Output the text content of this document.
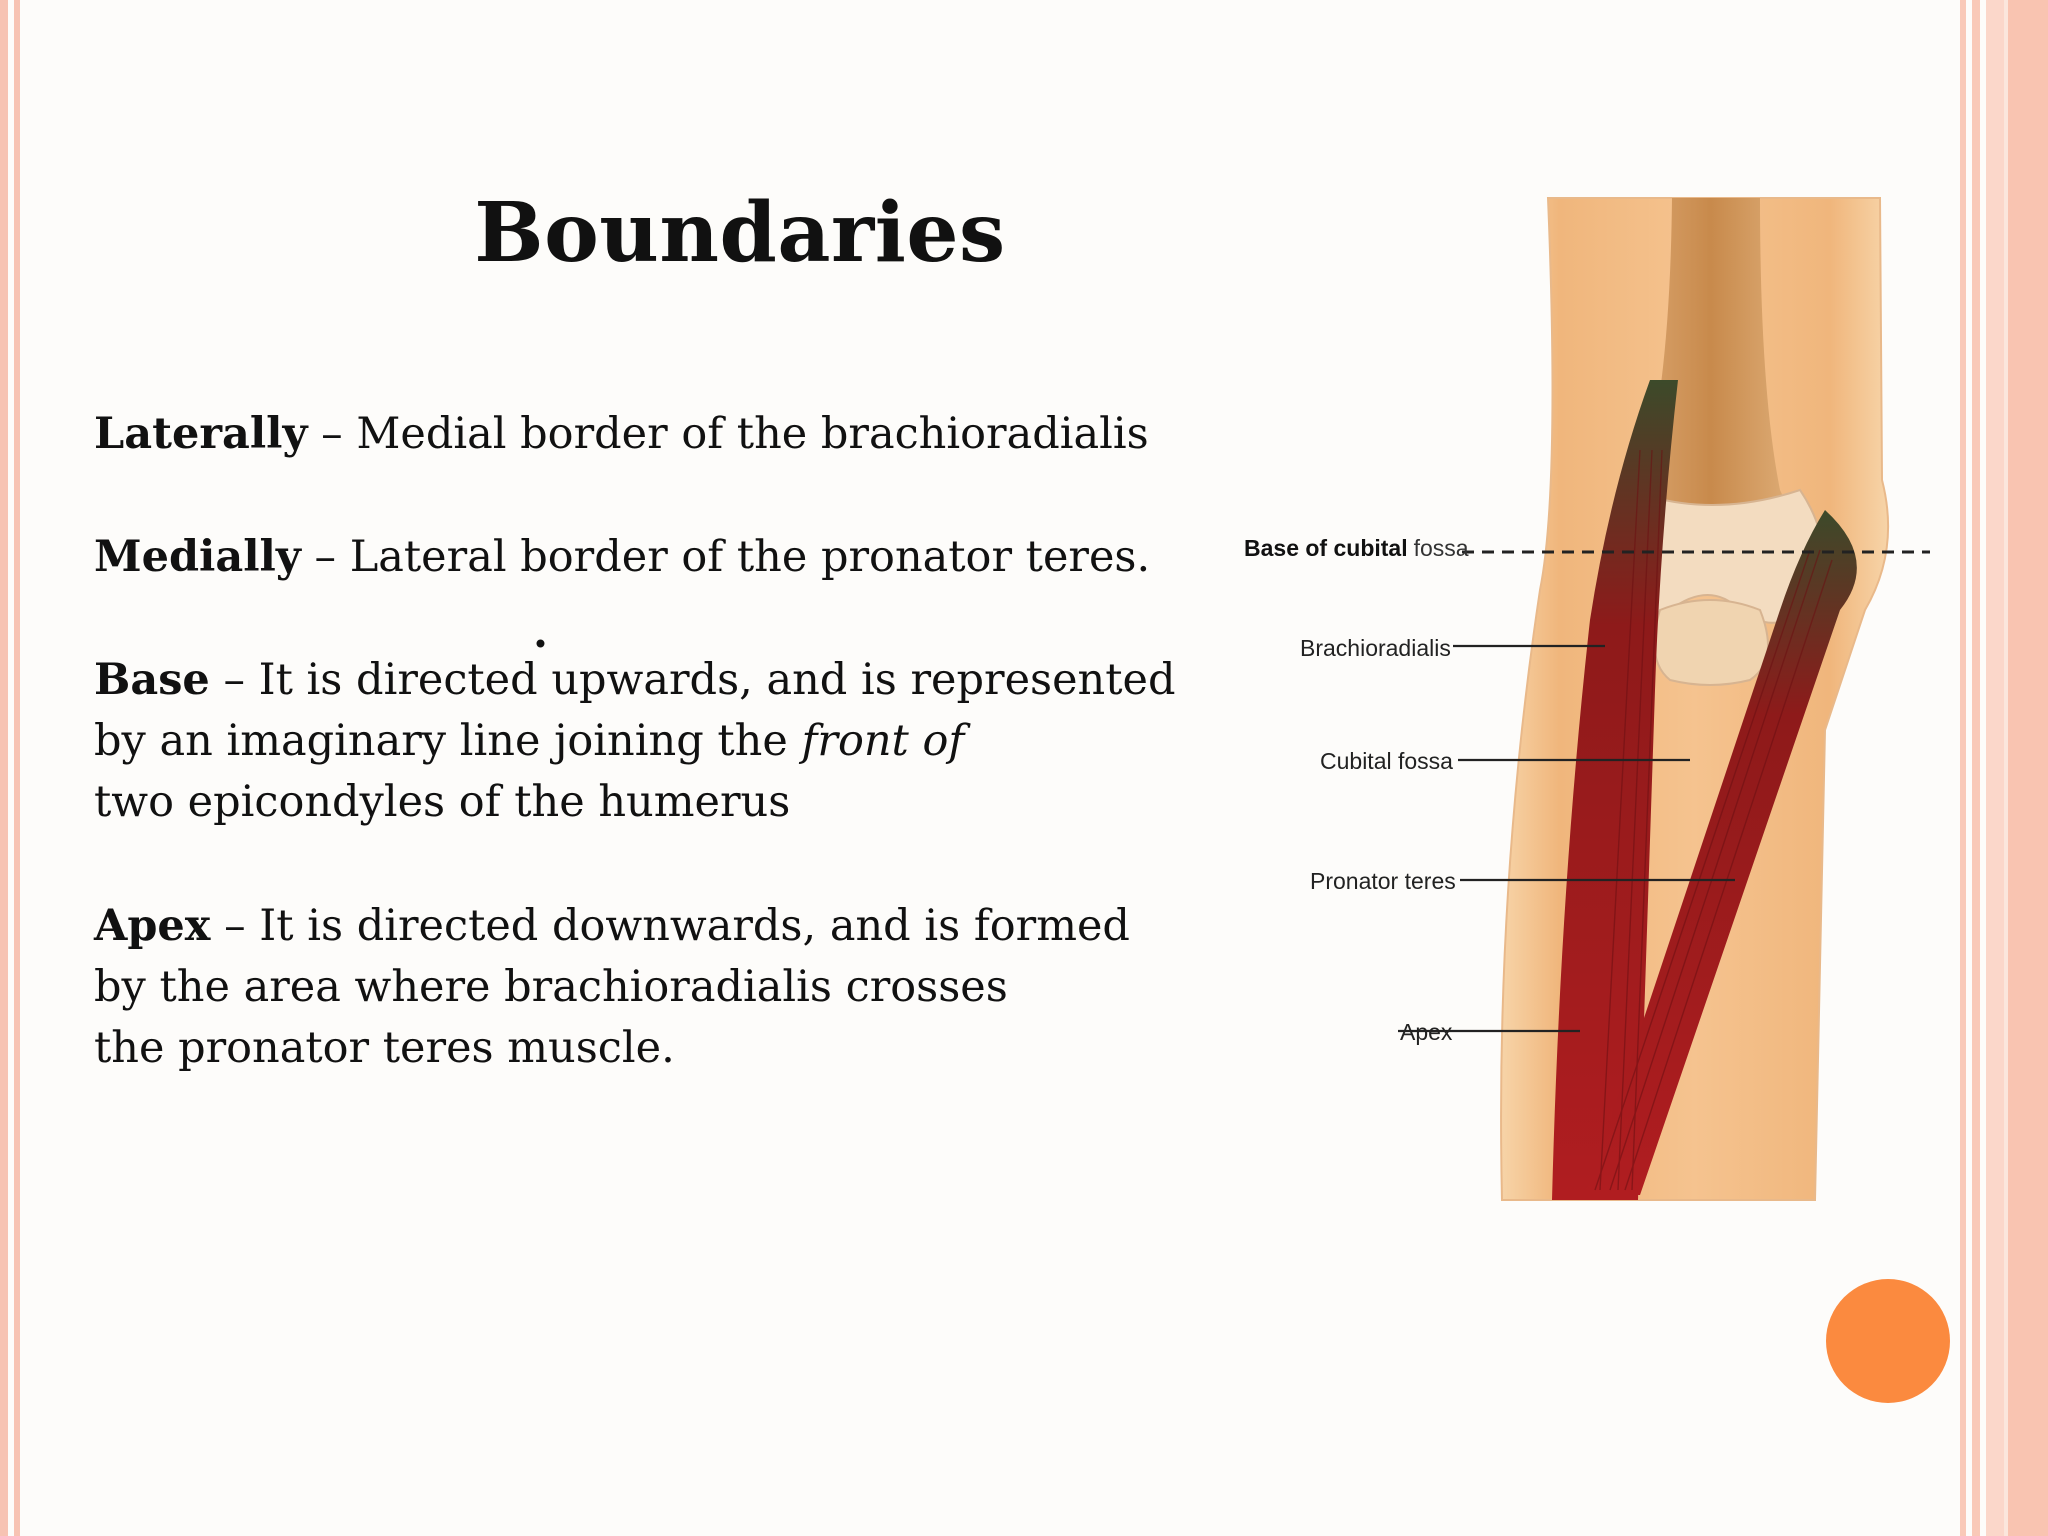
Boundaries

Laterally – Medial border of the brachioradialis

Medially – Lateral border of the pronator teres.

.

Base – It is directed upwards, and is represented

by an imaginary line joining the front of

two epicondyles of the humerus

Apex – It is directed downwards, and is formed

by the area where brachioradialis crosses

the pronator teres muscle.

Base of cubital fossa
Brachioradialis
Cubital fossa
Pronator teres
Apex
